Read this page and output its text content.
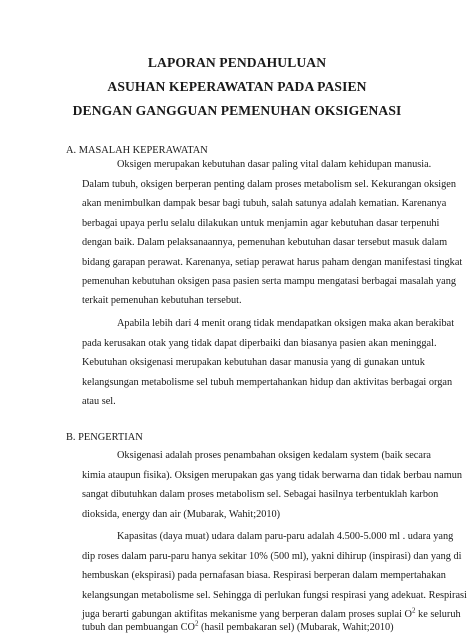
LAPORAN PENDAHULUAN
ASUHAN KEPERAWATAN PADA PASIEN
DENGAN GANGGUAN PEMENUHAN OKSIGENASI
A. MASALAH KEPERAWATAN
Oksigen merupakan kebutuhan dasar paling vital dalam kehidupan manusia.
Dalam tubuh, oksigen berperan penting dalam proses metabolism sel. Kekurangan oksigen
akan menimbulkan dampak besar bagi tubuh, salah satunya adalah kematian. Karenanya
berbagai upaya perlu selalu dilakukan untuk menjamin agar kebutuhan dasar terpenuhi
dengan baik. Dalam pelaksanaannya, pemenuhan kebutuhan dasar tersebut masuk dalam
bidang garapan perawat. Karenanya, setiap perawat harus paham dengan manifestasi tingkat
pemenuhan kebutuhan oksigen pasa pasien serta mampu mengatasi berbagai masalah yang
terkait pemenuhan kebutuhan tersebut.
Apabila lebih dari 4 menit orang tidak mendapatkan oksigen maka akan berakibat
pada kerusakan otak yang tidak dapat diperbaiki dan biasanya pasien akan meninggal.
Kebutuhan oksigenasi merupakan kebutuhan dasar manusia yang di gunakan untuk
kelangsungan metabolisme sel tubuh mempertahankan hidup dan aktivitas berbagai organ
atau sel.
B. PENGERTIAN
Oksigenasi adalah proses penambahan oksigen kedalam system (baik secara
kimia ataupun fisika). Oksigen merupakan gas yang tidak berwarna dan tidak berbau namun
sangat dibutuhkan dalam proses metabolism sel. Sebagai hasilnya terbentuklah karbon
dioksida, energy dan air (Mubarak, Wahit;2010)
Kapasitas (daya muat) udara dalam paru-paru adalah 4.500-5.000 ml . udara yang
dip roses dalam paru-paru hanya sekitar 10% (500 ml), yakni dihirup (inspirasi) dan yang di
hembuskan (ekspirasi) pada pernafasan biasa. Respirasi berperan dalam mempertahakan
kelangsungan metabolisme sel. Sehingga di perlukan fungsi respirasi yang adekuat. Respirasi
juga berarti gabungan aktifitas mekanisme yang berperan dalam proses suplai $O^2$ ke seluruh
tubuh dan pembuangan $CO^2$ (hasil pembakaran sel) (Mubarak, Wahit;2010)
